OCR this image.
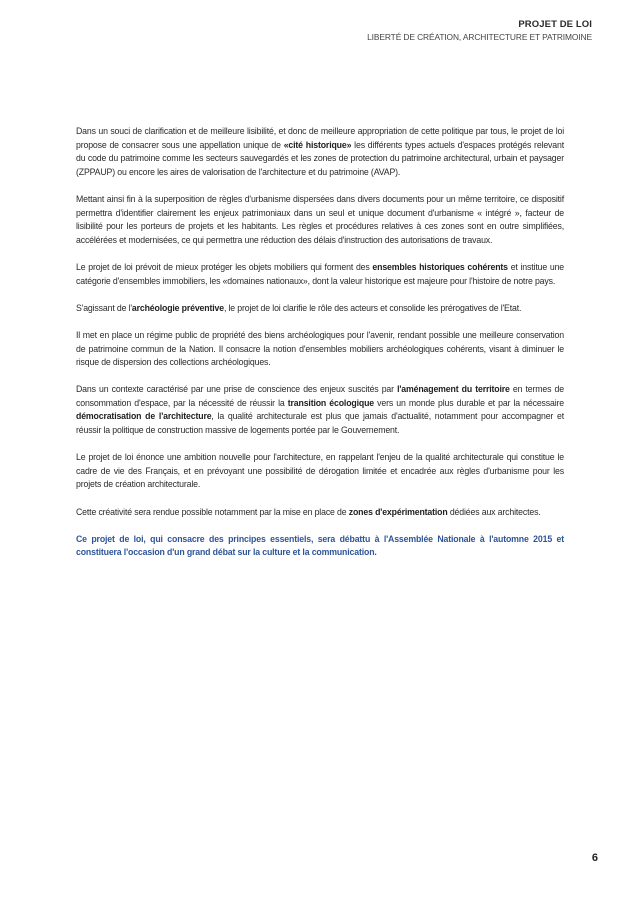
PROJET DE LOI
LIBERTÉ DE CRÉATION, ARCHITECTURE ET PATRIMOINE

Dans un souci de clarification et de meilleure lisibilité, et donc de meilleure appropriation de cette politique par tous, le projet de loi propose de consacrer sous une appellation unique de «cité historique» les différents types actuels d'espaces protégés relevant du code du patrimoine comme les secteurs sauvegardés et les zones de protection du patrimoine architectural, urbain et paysager (ZPPAUP) ou encore les aires de valorisation de l'architecture et du patrimoine (AVAP).

Mettant ainsi fin à la superposition de règles d'urbanisme dispersées dans divers documents pour un même territoire, ce dispositif permettra d'identifier clairement les enjeux patrimoniaux dans un seul et unique document d'urbanisme « intégré », facteur de lisibilité pour les porteurs de projets et les habitants. Les règles et procédures relatives à ces zones sont en outre simplifiées, accélérées et modernisées, ce qui permettra une réduction des délais d'instruction des autorisations de travaux.

Le projet de loi prévoit de mieux protéger les objets mobiliers qui forment des ensembles historiques cohérents et institue une catégorie d'ensembles immobiliers, les «domaines nationaux», dont la valeur historique est majeure pour l'histoire de notre pays.

S'agissant de l'archéologie préventive, le projet de loi clarifie le rôle des acteurs et consolide les prérogatives de l'Etat.

Il met en place un régime public de propriété des biens archéologiques pour l'avenir, rendant possible une meilleure conservation de patrimoine commun de la Nation. Il consacre la notion d'ensembles mobiliers archéologiques cohérents, visant à diminuer le risque de dispersion des collections archéologiques.

Dans un contexte caractérisé par une prise de conscience des enjeux suscités par l'aménagement du territoire en termes de consommation d'espace, par la nécessité de réussir la transition écologique vers un monde plus durable et par la nécessaire démocratisation de l'architecture, la qualité architecturale est plus que jamais d'actualité, notamment pour accompagner et réussir la politique de construction massive de logements portée par le Gouvernement.

Le projet de loi énonce une ambition nouvelle pour l'architecture, en rappelant l'enjeu de la qualité architecturale qui constitue le cadre de vie des Français, et en prévoyant une possibilité de dérogation limitée et encadrée aux règles d'urbanisme pour les projets de création architecturale.

Cette créativité sera rendue possible notamment par la mise en place de zones d'expérimentation dédiées aux architectes.

Ce projet de loi, qui consacre des principes essentiels, sera débattu à l'Assemblée Nationale à l'automne 2015 et constituera l'occasion d'un grand débat sur la culture et la communication.

6
